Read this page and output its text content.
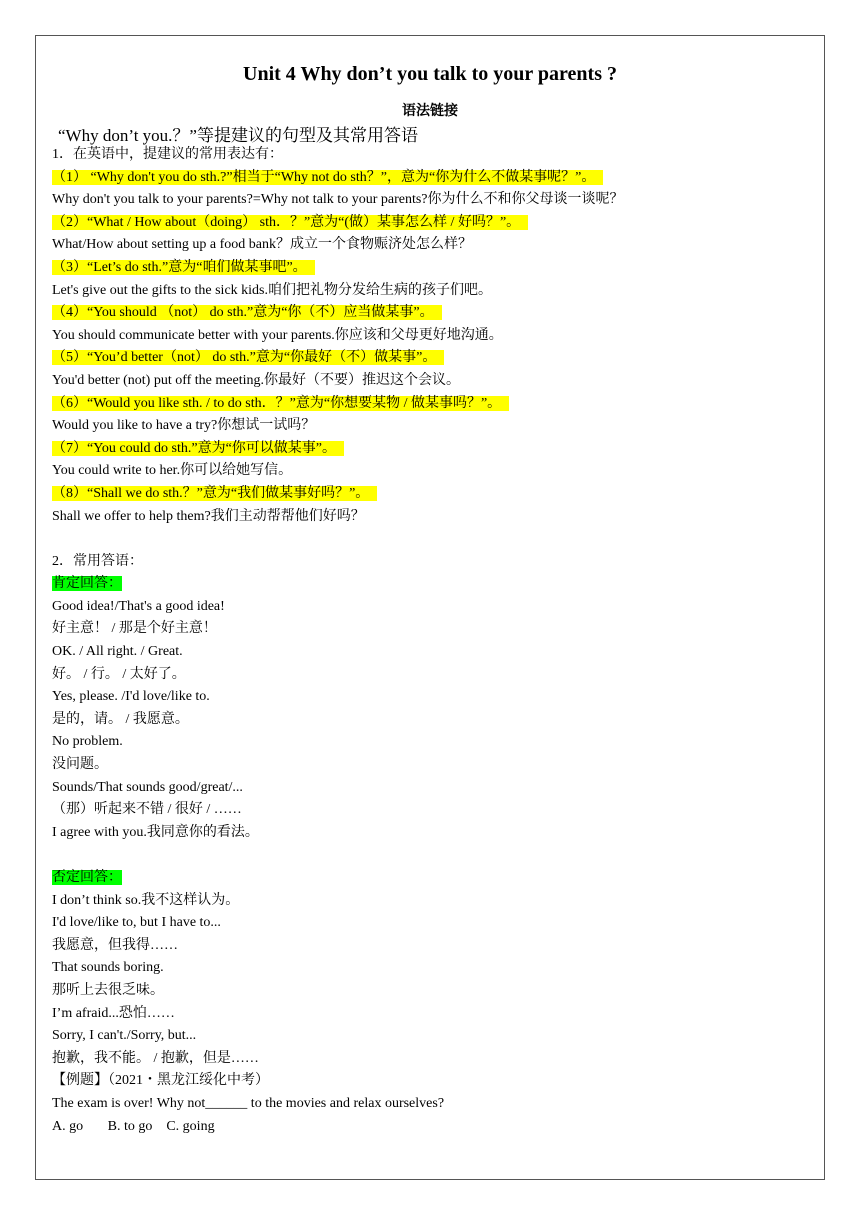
Unit 4 Why don’t you talk to your parents ?
语法链接
“Why don’t you.？”等提建议的句型及其常用答语
1．在英语中，提建议的常用表达有：
（1） “Why don't you do sth.?”相当于“Why not do sth？”，意为“你为什么不做某事呢？”。
Why don't you talk to your parents?=Why not talk to your parents?你为什么不和你父母谈一谈呢？
（2）“What / How about（doing） sth．？”意为“(做）某事怎么样 / 好吗？”。
What/How about setting up a food bank？成立一个食物赈济处怎么样？
（3）“Let’s do sth.”意为“咱们做某事吧”。
Let's give out the gifts to the sick kids.咱们把礼物分发给生病的孩子们吧。
（4）“You should （not） do sth.”意为“你（不）应当做某事”。
You should communicate better with your parents.你应该和父母更好地沟通。
（5）“You’d better（not） do sth.”意为“你最好（不）做某事”。
You'd better (not) put off the meeting.你最好（不要）推迟这个会议。
（6）“Would you like sth. / to do sth．？”意为“你想要某物 / 做某事吗？”。
Would you like to have a try?你想试一试吗？
（7）“You could do sth.”意为“你可以做某事”。
You could write to her.你可以给她写信。
（8）“Shall we do sth.？”意为“我们做某事好吗？”。
Shall we offer to help them?我们主动帮帮他们好吗？
2．常用答语：
肯定回答：
Good idea!/That's a good idea!
好主意！ / 那是个好主意！
OK. / All right. / Great.
好。 / 行。 / 太好了。
Yes, please. /I'd love/like to.
是的，请。 / 我愿意。
No problem.
没问题。
Sounds/That sounds good/great/...
（那）听起来不错 / 很好 / ……
I agree with you.我同意你的看法。
否定回答：
I don’t think so.我不这样认为。
I'd love/like to, but I have to...
我愿意，但我得……
That sounds boring.
那听上去很乏味。
I’m afraid...恐怕……
Sorry, I can't./Sorry, but...
抱歉，我不能。 / 抱歉，但是……
【例题】（2021・黑龙江绥化中考）
The exam is over! Why not______ to the movies and relax ourselves?
A. go       B. to go    C. going
